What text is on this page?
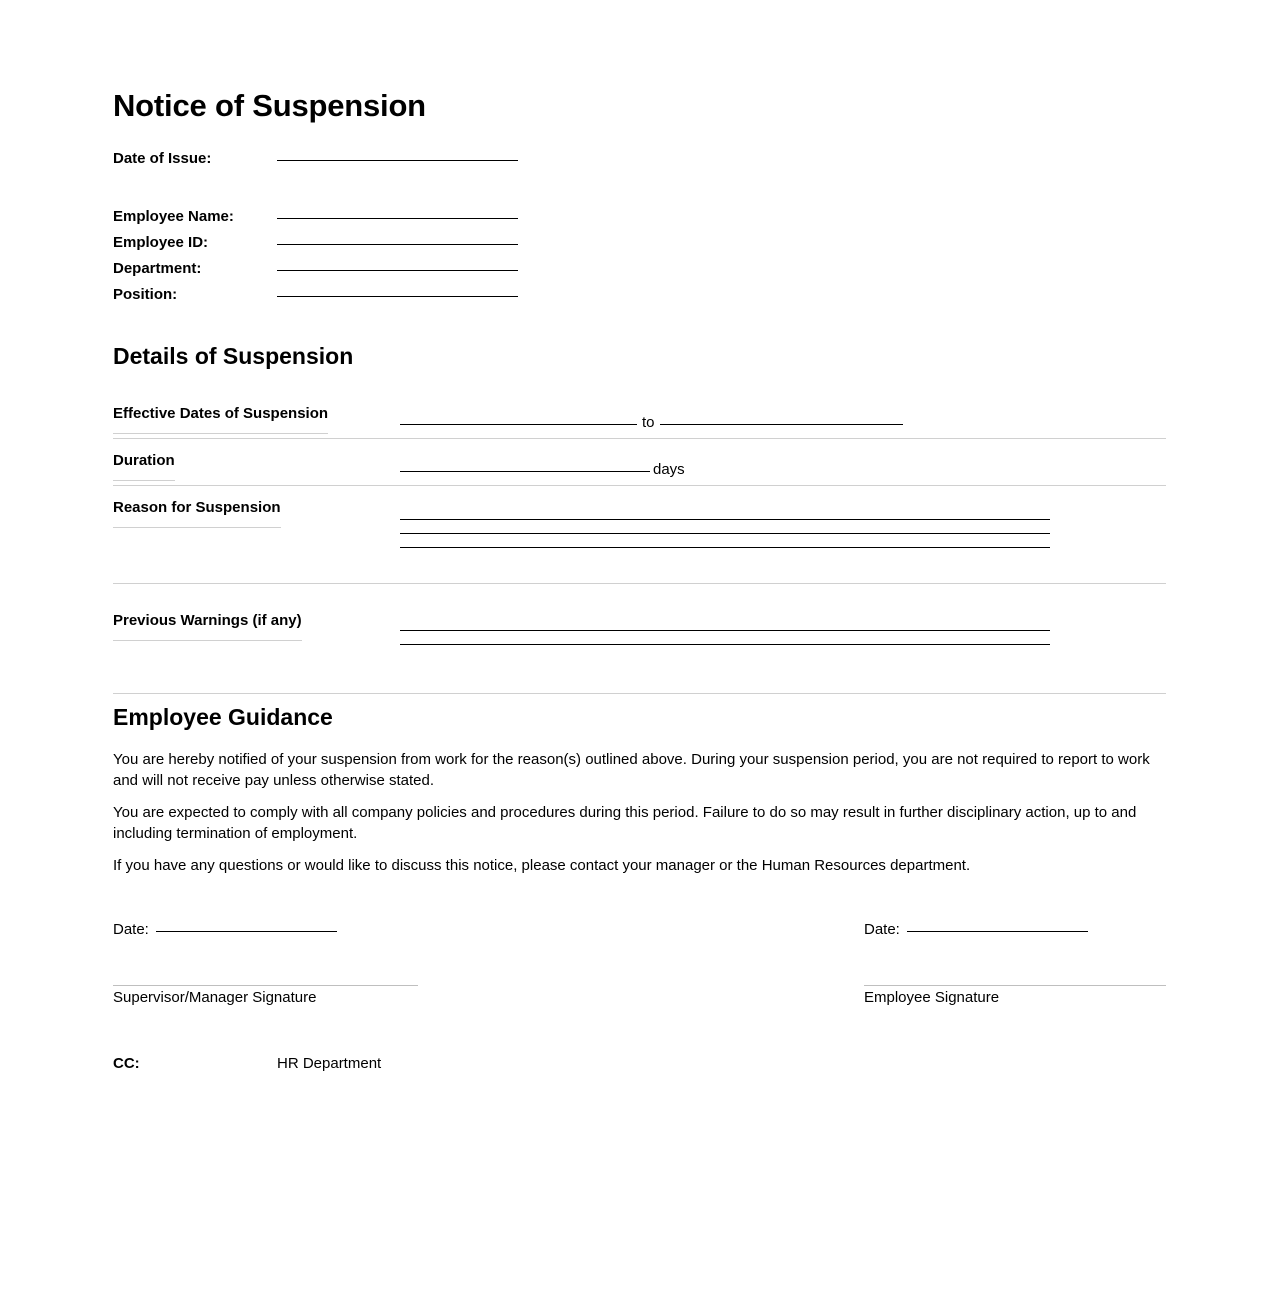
Notice of Suspension
Date of Issue:
Employee Name:
Employee ID:
Department:
Position:
Details of Suspension
Effective Dates of Suspension
to
Duration
days
Reason for Suspension
Previous Warnings (if any)
Employee Guidance
You are hereby notified of your suspension from work for the reason(s) outlined above. During your suspension period, you are not required to report to work and will not receive pay unless otherwise stated.
You are expected to comply with all company policies and procedures during this period. Failure to do so may result in further disciplinary action, up to and including termination of employment.
If you have any questions or would like to discuss this notice, please contact your manager or the Human Resources department.
Date:	Date:
Supervisor/Manager Signature	Employee Signature
CC:	HR Department
